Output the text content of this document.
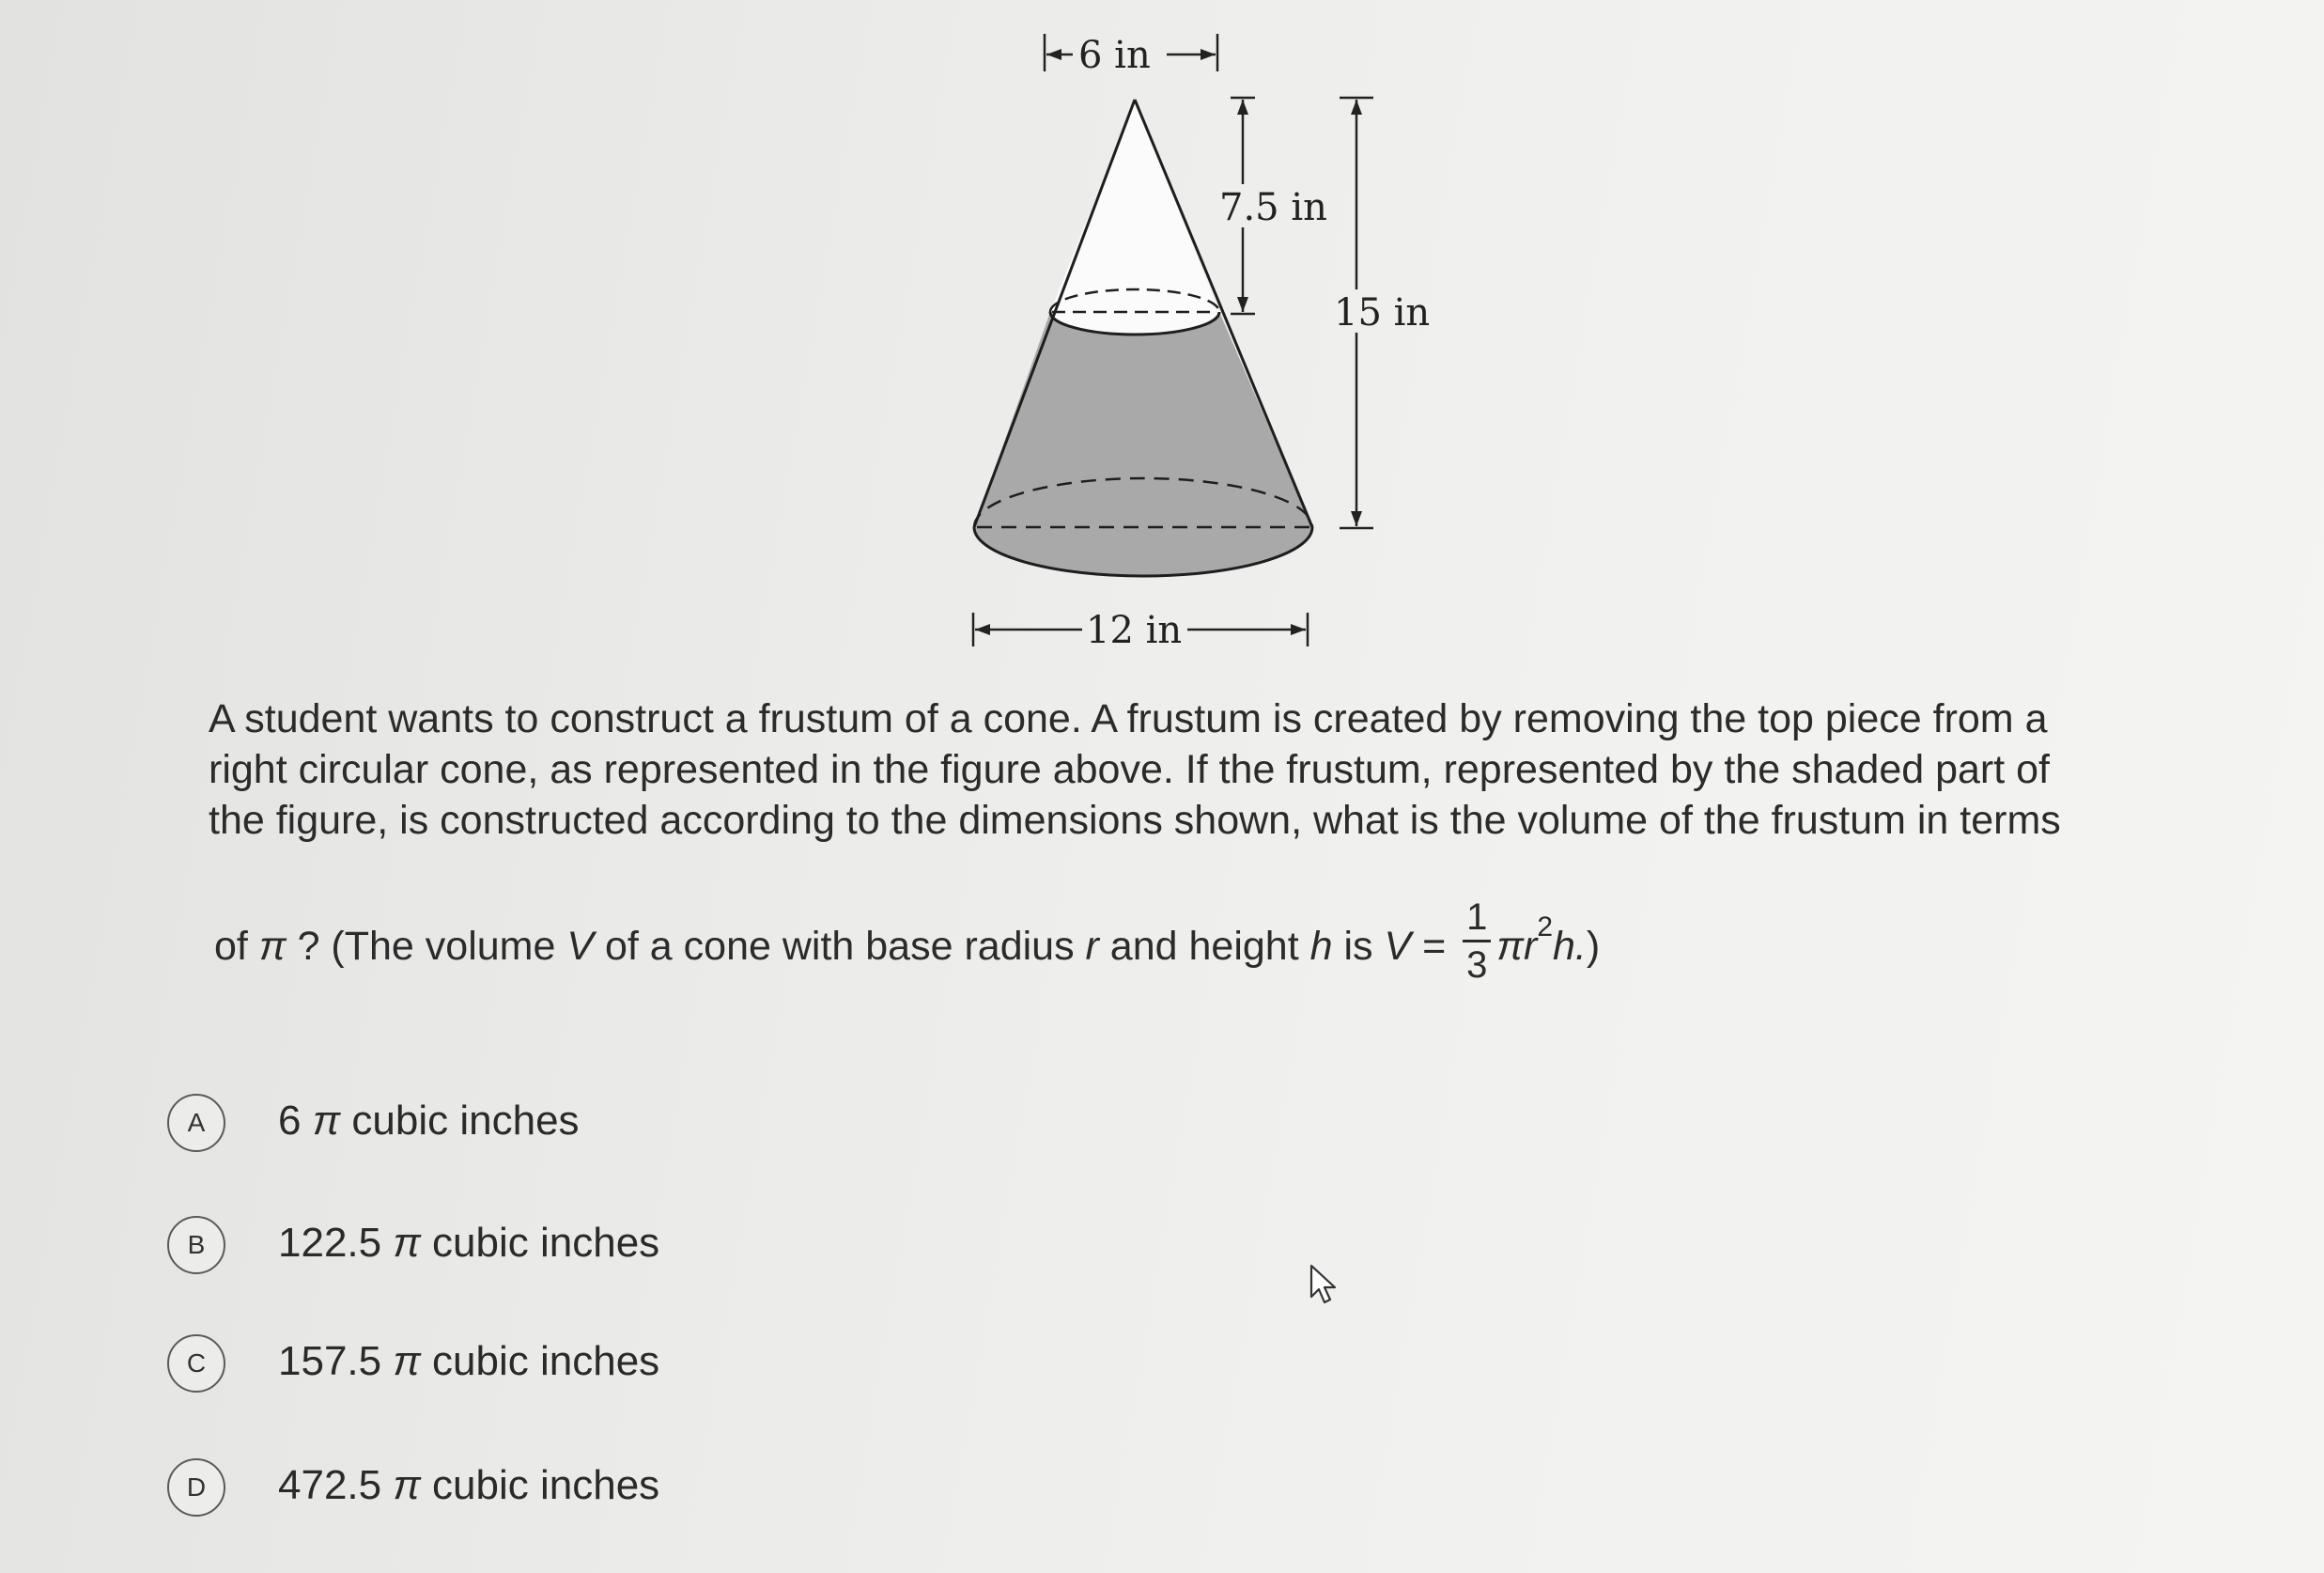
6 in
7.5 in
15 in
12 in
A student wants to construct a frustum of a cone. A frustum is created by removing the top piece from a
right circular cone, as represented in the figure above. If the frustum, represented by the shaded part of
the figure, is constructed according to the dimensions shown, what is the volume of the frustum in terms
of π ? (The volume V of a cone with base radius r and height h is $V = \frac{1}{3} \pi r^2h$.)
A	6 π cubic inches
B	122.5 π cubic inches
C	157.5 π cubic inches
D	472.5 π cubic inches
